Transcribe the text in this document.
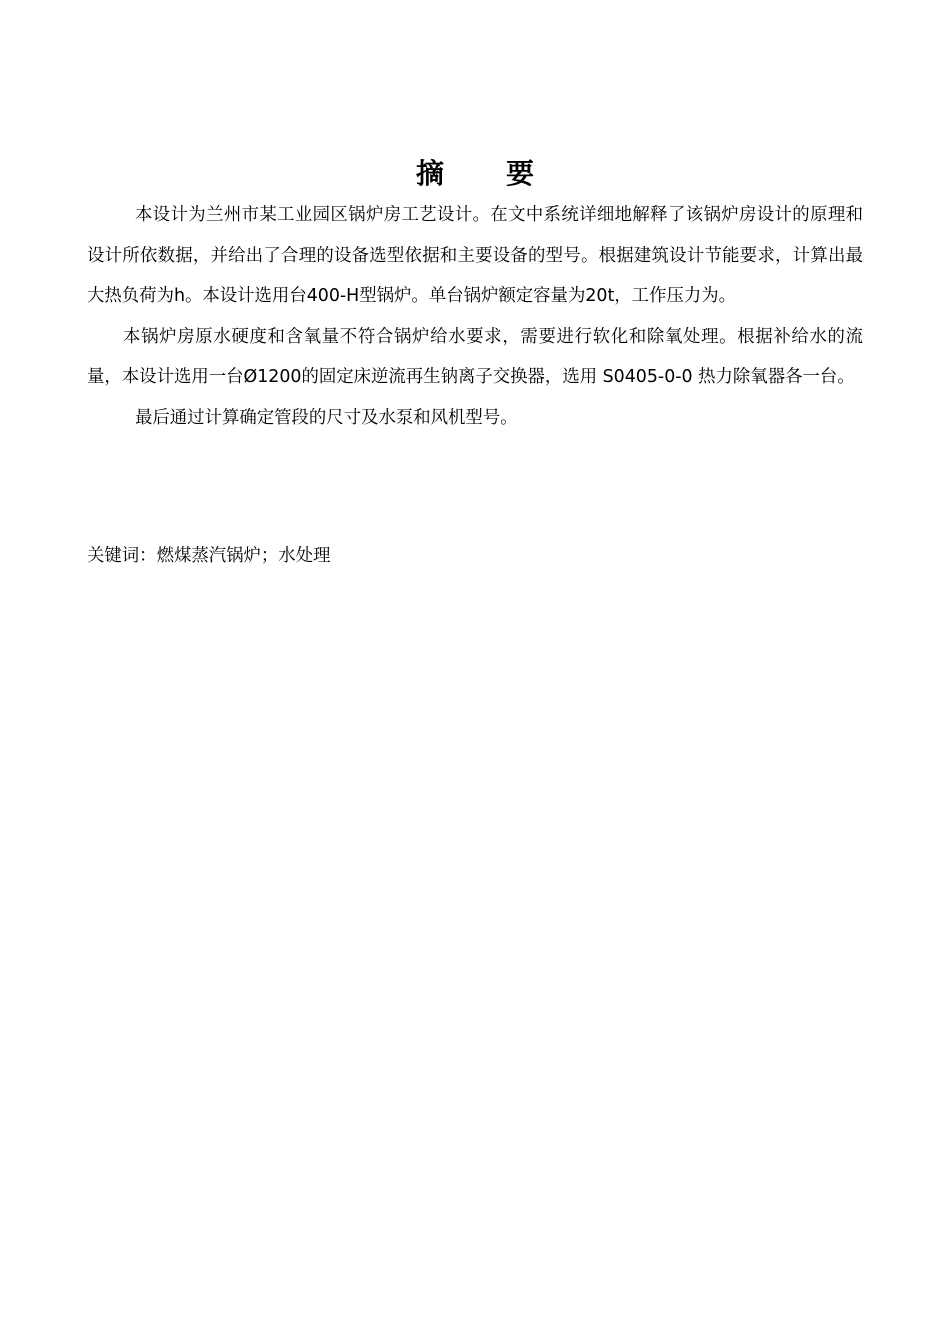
摘 要

本设计为兰州市某工业园区锅炉房工艺设计。在文中系统详细地解释了该锅炉房设计的原理和设计所依数据，并给出了合理的设备选型依据和主要设备的型号。根据建筑设计节能要求，计算出最大热负荷为h。本设计选用台400-H型锅炉。单台锅炉额定容量为20t，工作压力为。

本锅炉房原水硬度和含氧量不符合锅炉给水要求，需要进行软化和除氧处理。根据补给水的流量，本设计选用一台Ø1200的固定床逆流再生钠离子交换器，选用 S0405-0-0 热力除氧器各一台。

最后通过计算确定管段的尺寸及水泵和风机型号。

关键词：燃煤蒸汽锅炉；水处理
